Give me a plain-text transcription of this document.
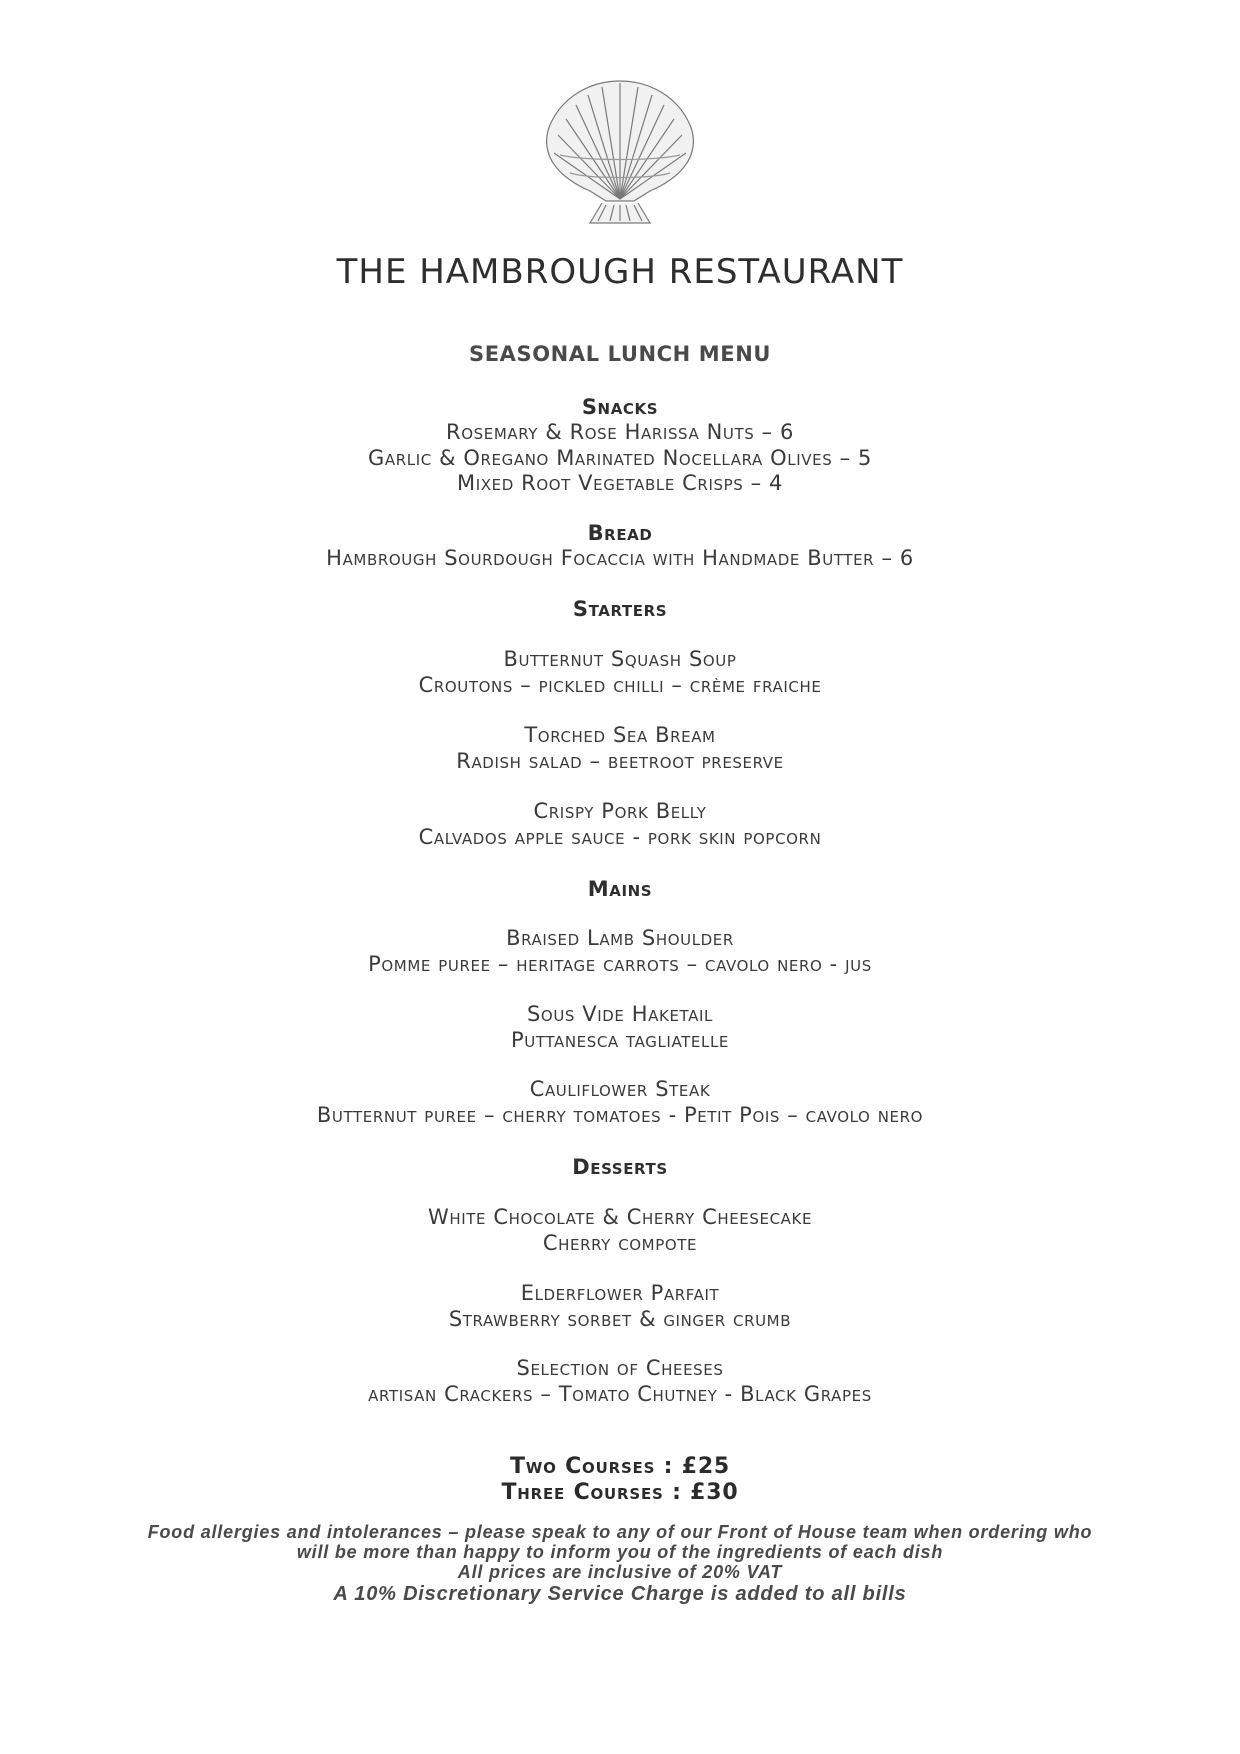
THE HAMBROUGH RESTAURANT
SEASONAL LUNCH MENU
Snacks
Rosemary & Rose Harissa Nuts – 6
Garlic & Oregano Marinated Nocellara Olives – 5
Mixed Root Vegetable Crisps – 4
Bread
Hambrough Sourdough Focaccia with Handmade Butter – 6
Starters
Butternut Squash Soup
Croutons – pickled chilli – crème fraiche
Torched Sea Bream
Radish salad – beetroot preserve
Crispy Pork Belly
Calvados apple sauce - pork skin popcorn
Mains
Braised Lamb Shoulder
Pomme puree – heritage carrots – cavolo nero - jus
Sous Vide Haketail
Puttanesca tagliatelle
Cauliflower Steak
Butternut puree – cherry tomatoes - Petit Pois – cavolo nero
Desserts
White Chocolate & Cherry Cheesecake
Cherry compote
Elderflower Parfait
Strawberry sorbet & ginger crumb
Selection of Cheeses
artisan Crackers – Tomato Chutney - Black Grapes
Two Courses : £25
Three Courses : £30
Food allergies and intolerances – please speak to any of our Front of House team when ordering who
will be more than happy to inform you of the ingredients of each dish
All prices are inclusive of 20% VAT
A 10% Discretionary Service Charge is added to all bills
